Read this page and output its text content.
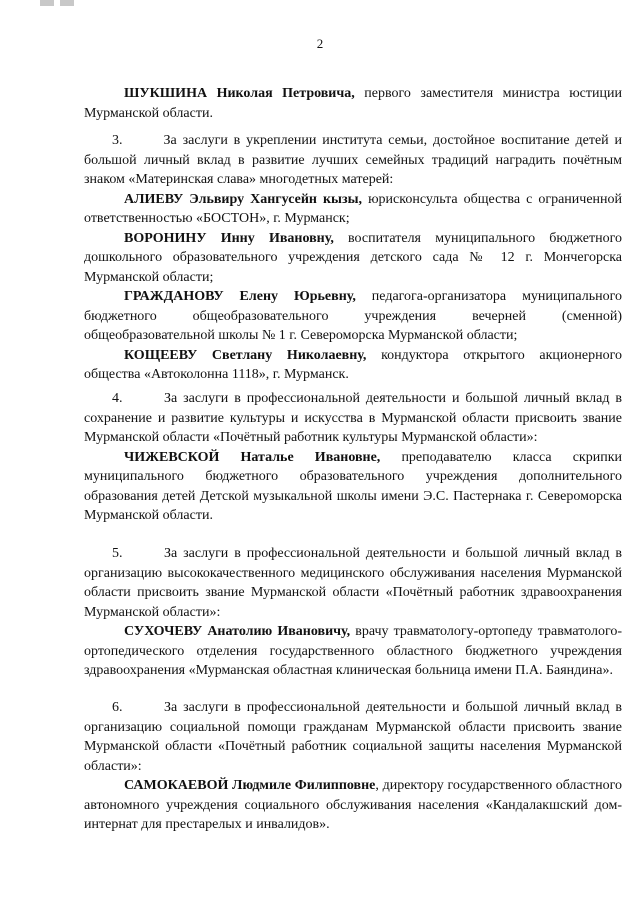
2

ШУКШИНА Николая Петровича, первого заместителя министра юстиции Мурманской области.

3.	За заслуги в укреплении института семьи, достойное воспитание детей и большой личный вклад в развитие лучших семейных традиций наградить почётным знаком «Материнская слава» многодетных матерей:

АЛИЕВУ Эльвиру Хангусейн кызы, юрисконсульта общества с ограниченной ответственностью «БОСТОН», г. Мурманск;

ВОРОНИНУ Инну Ивановну, воспитателя муниципального бюджетного дошкольного образовательного учреждения детского сада № 12 г. Мончегорска Мурманской области;

ГРАЖДАНОВУ Елену Юрьевну, педагога-организатора муниципального бюджетного общеобразовательного учреждения вечерней (сменной) общеобразовательной школы № 1 г. Североморска Мурманской области;

КОЩЕЕВУ Светлану Николаевну, кондуктора открытого акционерного общества «Автоколонна 1118», г. Мурманск.

4.	За заслуги в профессиональной деятельности и большой личный вклад в сохранение и развитие культуры и искусства в Мурманской области присвоить звание Мурманской области «Почётный работник культуры Мурманской области»:

ЧИЖЕВСКОЙ Наталье Ивановне, преподавателю класса скрипки муниципального бюджетного образовательного учреждения дополнительного образования детей Детской музыкальной школы имени Э.С. Пастернака г. Североморска Мурманской области.

5.	За заслуги в профессиональной деятельности и большой личный вклад в организацию высококачественного медицинского обслуживания населения Мурманской области присвоить звание Мурманской области «Почётный работник здравоохранения Мурманской области»:

СУХОЧЕВУ Анатолию Ивановичу, врачу травматологу-ортопеду травматолого-ортопедического отделения государственного областного бюджетного учреждения здравоохранения «Мурманская областная клиническая больница имени П.А. Баяндина».

6.	За заслуги в профессиональной деятельности и большой личный вклад в организацию социальной помощи гражданам Мурманской области присвоить звание Мурманской области «Почётный работник социальной защиты населения Мурманской области»:

САМОКАЕВОЙ Людмиле Филипповне, директору государственного областного автономного учреждения социального обслуживания населения «Кандалакшский дом-интернат для престарелых и инвалидов».
